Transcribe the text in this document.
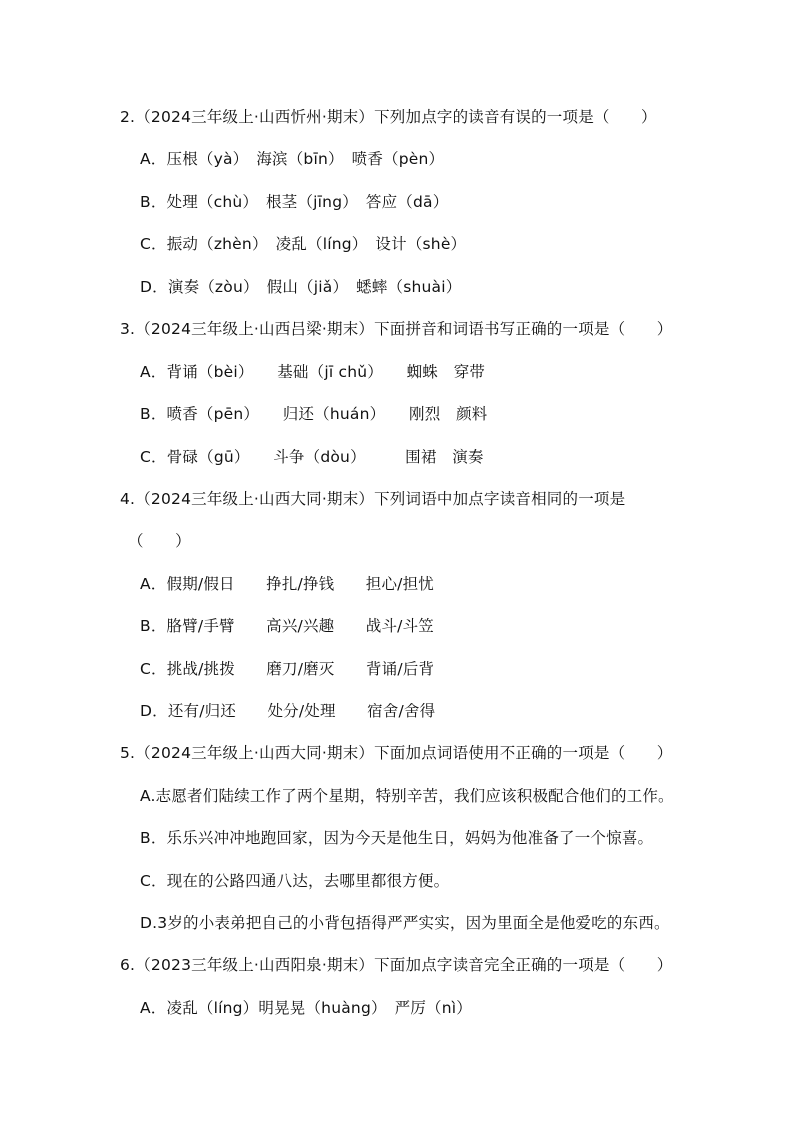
2.（2024三年级上·山西忻州·期末）下列加点字的读音有误的一项是（　　）
A．压根（yà）　海滨（bīn）　喷香（pèn）
B．处理（chù）　根茎（jīng）　答应（dā）
C．振动（zhèn）　凌乱（líng）　设计（shè）
D．演奏（zòu）　假山（jiǎ）　蟋蟀（shuài）
3.（2024三年级上·山西吕梁·期末）下面拼音和词语书写正确的一项是（　　）
A．背诵（bèi）　　基础（jī chǔ）　　蜘蛛　穿带
B．喷香（pēn）　　归还（huán）　　刚烈　颜料
C．骨碌（gū）　　斗争（dòu）　　　围裙　演奏
4.（2024三年级上·山西大同·期末）下列词语中加点字读音相同的一项是
（　　）
A．假期/假日　　挣扎/挣钱　　担心/担忧
B．胳臂/手臂　　高兴/兴趣　　战斗/斗笠
C．挑战/挑拨　　磨刀/磨灭　　背诵/后背
D．还有/归还　　处分/处理　　宿舍/舍得
5.（2024三年级上·山西大同·期末）下面加点词语使用不正确的一项是（　　）
A.志愿者们陆续工作了两个星期，特别辛苦，我们应该积极配合他们的工作。
B．乐乐兴冲冲地跑回家，因为今天是他生日，妈妈为他准备了一个惊喜。
C．现在的公路四通八达，去哪里都很方便。
D.3岁的小表弟把自己的小背包捂得严严实实，因为里面全是他爱吃的东西。
6.（2023三年级上·山西阳泉·期末）下面加点字读音完全正确的一项是（　　）
A．凌乱（líng）明晃晃（huàng）　严厉（nì）
